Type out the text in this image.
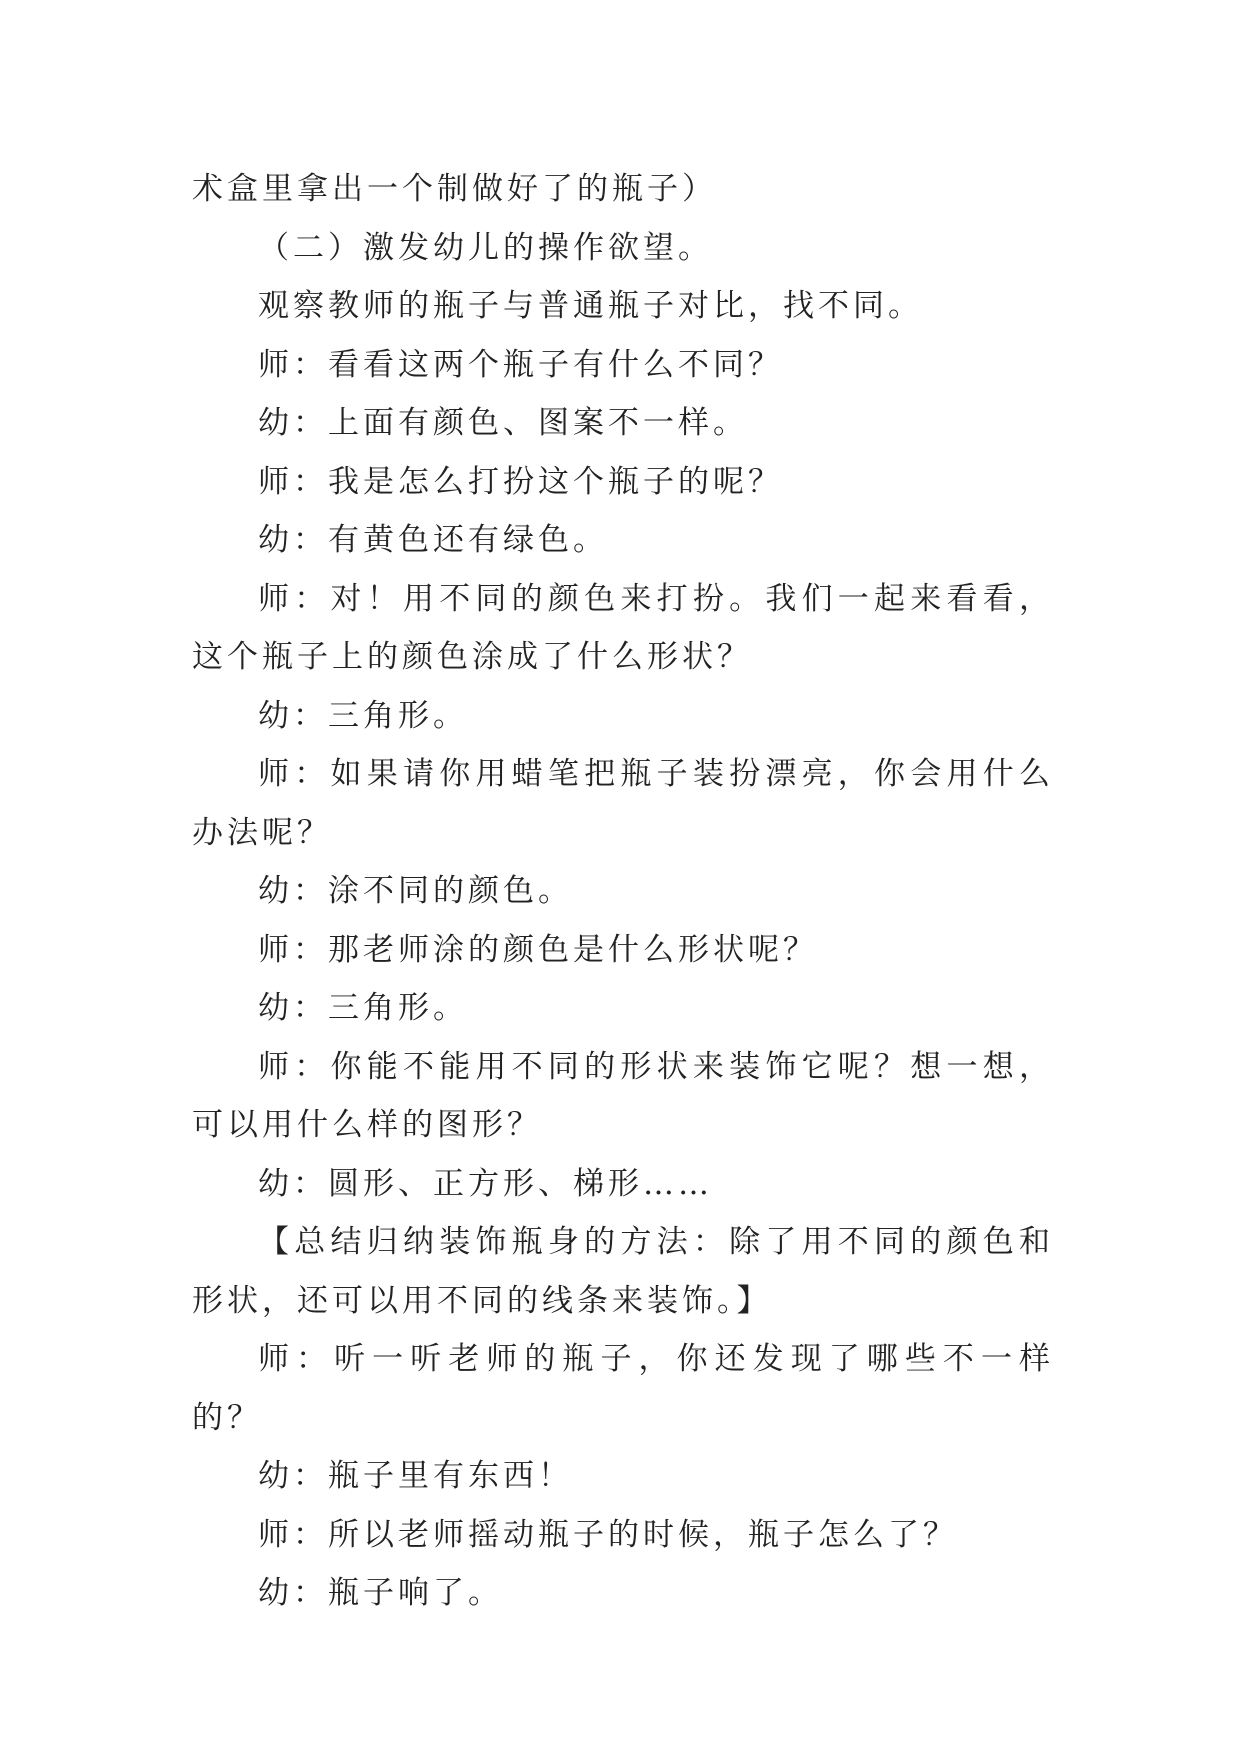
术盒里拿出一个制做好了的瓶子）

（二）激发幼儿的操作欲望。

观察教师的瓶子与普通瓶子对比，找不同。

师：看看这两个瓶子有什么不同？

幼：上面有颜色、图案不一样。

师：我是怎么打扮这个瓶子的呢？

幼：有黄色还有绿色。

师：对！用不同的颜色来打扮。我们一起来看看，这个瓶子上的颜色涂成了什么形状？

幼：三角形。

师：如果请你用蜡笔把瓶子装扮漂亮，你会用什么办法呢？

幼：涂不同的颜色。

师：那老师涂的颜色是什么形状呢？

幼：三角形。

师：你能不能用不同的形状来装饰它呢？想一想，可以用什么样的图形？

幼：圆形、正方形、梯形……

【总结归纳装饰瓶身的方法：除了用不同的颜色和形状，还可以用不同的线条来装饰。】

师：听一听老师的瓶子，你还发现了哪些不一样的？

幼：瓶子里有东西！

师：所以老师摇动瓶子的时候，瓶子怎么了？

幼：瓶子响了。
